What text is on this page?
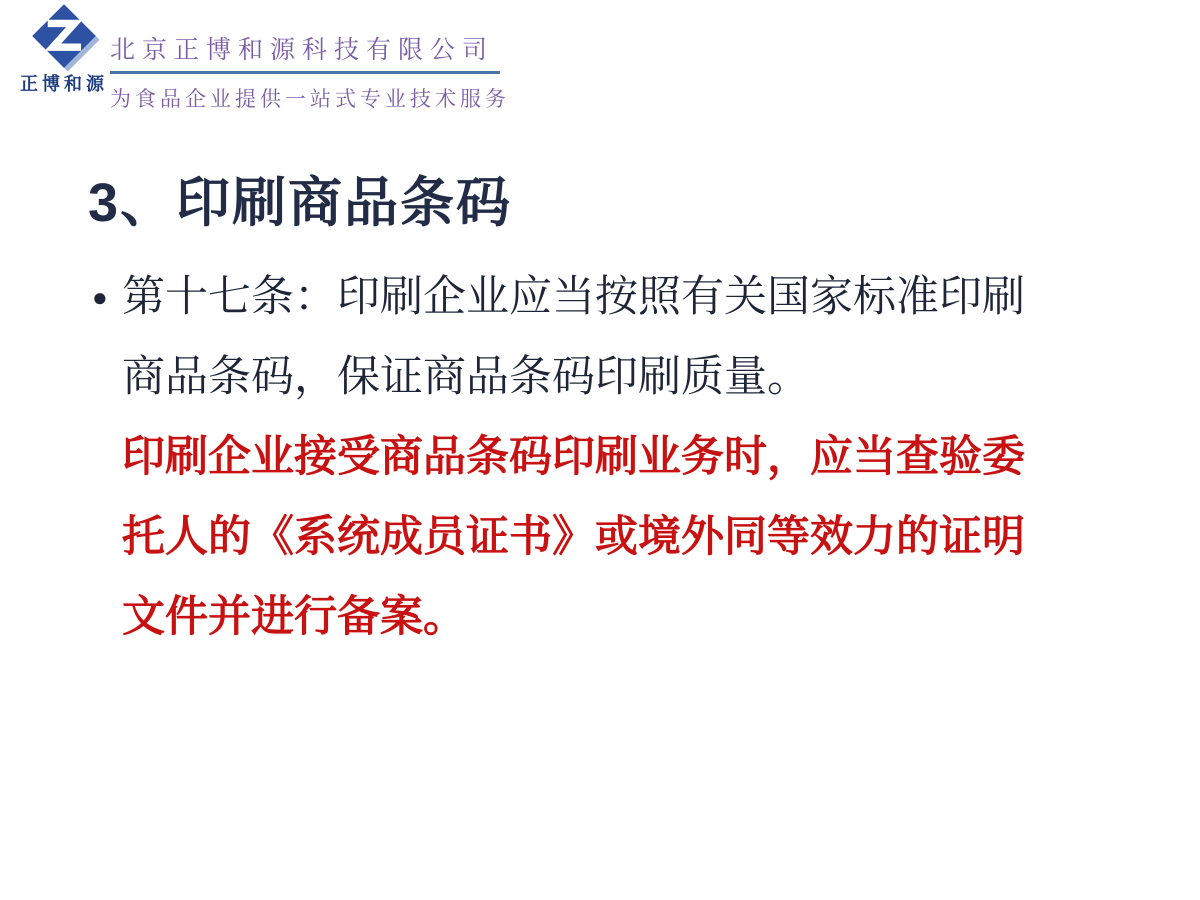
正博和源
北京正博和源科技有限公司
为食品企业提供一站式专业技术服务
3、印刷商品条码
● 第十七条：印刷企业应当按照有关国家标准印刷商品条码，保证商品条码印刷质量。

印刷企业接受商品条码印刷业务时，应当查验委托人的《系统成员证书》或境外同等效力的证明文件并进行备案。
